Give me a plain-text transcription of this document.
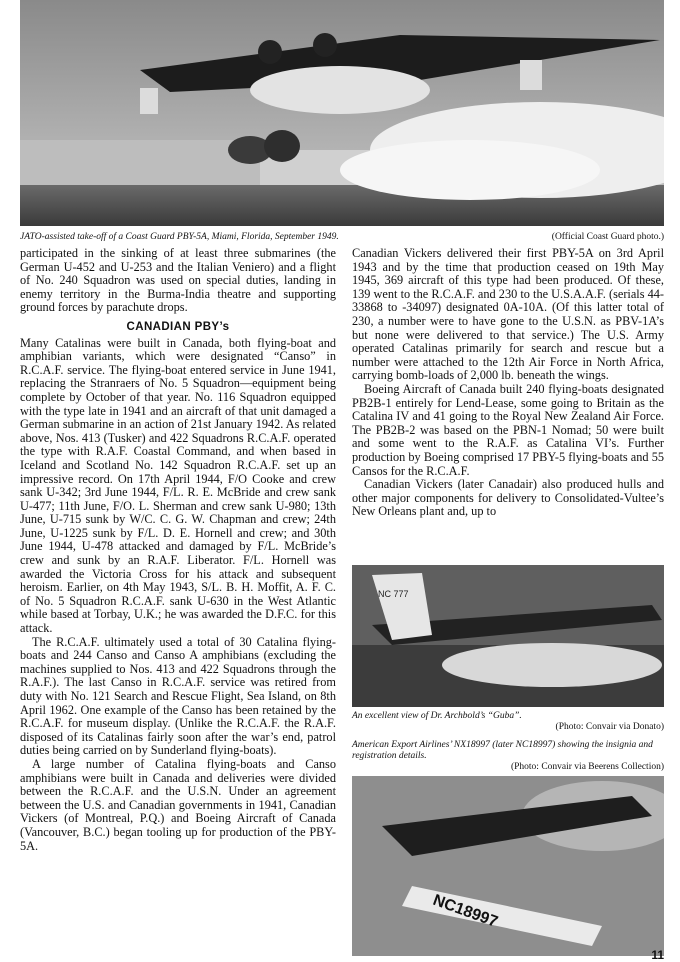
JATO-assisted take-off of a Coast Guard PBY-5A, Miami, Florida, September 1949.	(Official Coast Guard photo.)

participated in the sinking of at least three submarines (the German U-452 and U-253 and the Italian Veniero) and a flight of No. 240 Squadron was used on special duties, landing in enemy territory in the Burma-India theatre and supporting ground forces by parachute drops.

CANADIAN PBY’s

Many Catalinas were built in Canada, both flying-boat and amphibian variants, which were designated “Canso” in R.C.A.F. service. The flying-boat entered service in June 1941, replacing the Stranraers of No. 5 Squadron—equipment being complete by October of that year. No. 116 Squadron equipped with the type late in 1941 and an aircraft of that unit damaged a German submarine in an action of 21st January 1942. As related above, Nos. 413 (Tusker) and 422 Squadrons R.C.A.F. operated the type with R.A.F. Coastal Command, and when based in Iceland and Scotland No. 142 Squadron R.C.A.F. set up an impressive record. On 17th April 1944, F/O Cooke and crew sank U-342; 3rd June 1944, F/L. R. E. McBride and crew sank U-477; 11th June, F/O. L. Sherman and crew sank U-980; 13th June, U-715 sunk by W/C. C. G. W. Chapman and crew; 24th June, U-1225 sunk by F/L. D. E. Hornell and crew; and 30th June 1944, U-478 attacked and damaged by F/L. McBride’s crew and sunk by an R.A.F. Liberator. F/L. Hornell was awarded the Victoria Cross for his attack and subsequent heroism. Earlier, on 4th May 1943, S/L. B. H. Moffit, A. F. C. of No. 5 Squadron R.C.A.F. sank U-630 in the West Atlantic while based at Torbay, U.K.; he was awarded the D.F.C. for this attack.

The R.C.A.F. ultimately used a total of 30 Catalina flying-boats and 244 Canso and Canso A amphibians (excluding the machines supplied to Nos. 413 and 422 Squadrons through the R.A.F.). The last Canso in R.C.A.F. service was retired from duty with No. 121 Search and Rescue Flight, Sea Island, on 8th April 1962. One example of the Canso has been retained by the R.C.A.F. for museum display. (Unlike the R.C.A.F. the R.A.F. disposed of its Catalinas fairly soon after the war’s end, patrol duties being carried on by Sunderland flying-boats).

A large number of Catalina flying-boats and Canso amphibians were built in Canada and deliveries were divided between the R.C.A.F. and the U.S.N. Under an agreement between the U.S. and Canadian governments in 1941, Canadian Vickers (of Montreal, P.Q.) and Boeing Aircraft of Canada (Vancouver, B.C.) began tooling up for production of the PBY-5A.

Canadian Vickers delivered their first PBY-5A on 3rd April 1943 and by the time that production ceased on 19th May 1945, 369 aircraft of this type had been produced. Of these, 139 went to the R.C.A.F. and 230 to the U.S.A.A.F. (serials 44-33868 to -34097) designated 0A-10A. (Of this latter total of 230, a number were to have gone to the U.S.N. as PBV-1A’s but none were delivered to that service.) The U.S. Army operated Catalinas primarily for search and rescue but a number were attached to the 12th Air Force in North Africa, carrying bomb-loads of 2,000 lb. beneath the wings.

Boeing Aircraft of Canada built 240 flying-boats designated PB2B-1 entirely for Lend-Lease, some going to Britain as the Catalina IV and 41 going to the Royal New Zealand Air Force. The PB2B-2 was based on the PBN-1 Nomad; 50 were built and some went to the R.A.F. as Catalina VI’s. Further production by Boeing comprised 17 PBY-5 flying-boats and 55 Cansos for the R.C.A.F.

Canadian Vickers (later Canadair) also produced hulls and other major components for delivery to Consolidated-Vultee’s New Orleans plant and, up to

NC 777
An excellent view of Dr. Archbold’s “Guba”.
(Photo: Convair via Donato)
American Export Airlines’ NX18997 (later NC18997) showing the insignia and registration details.
(Photo: Convair via Beerens Collection)
NC18997
11
